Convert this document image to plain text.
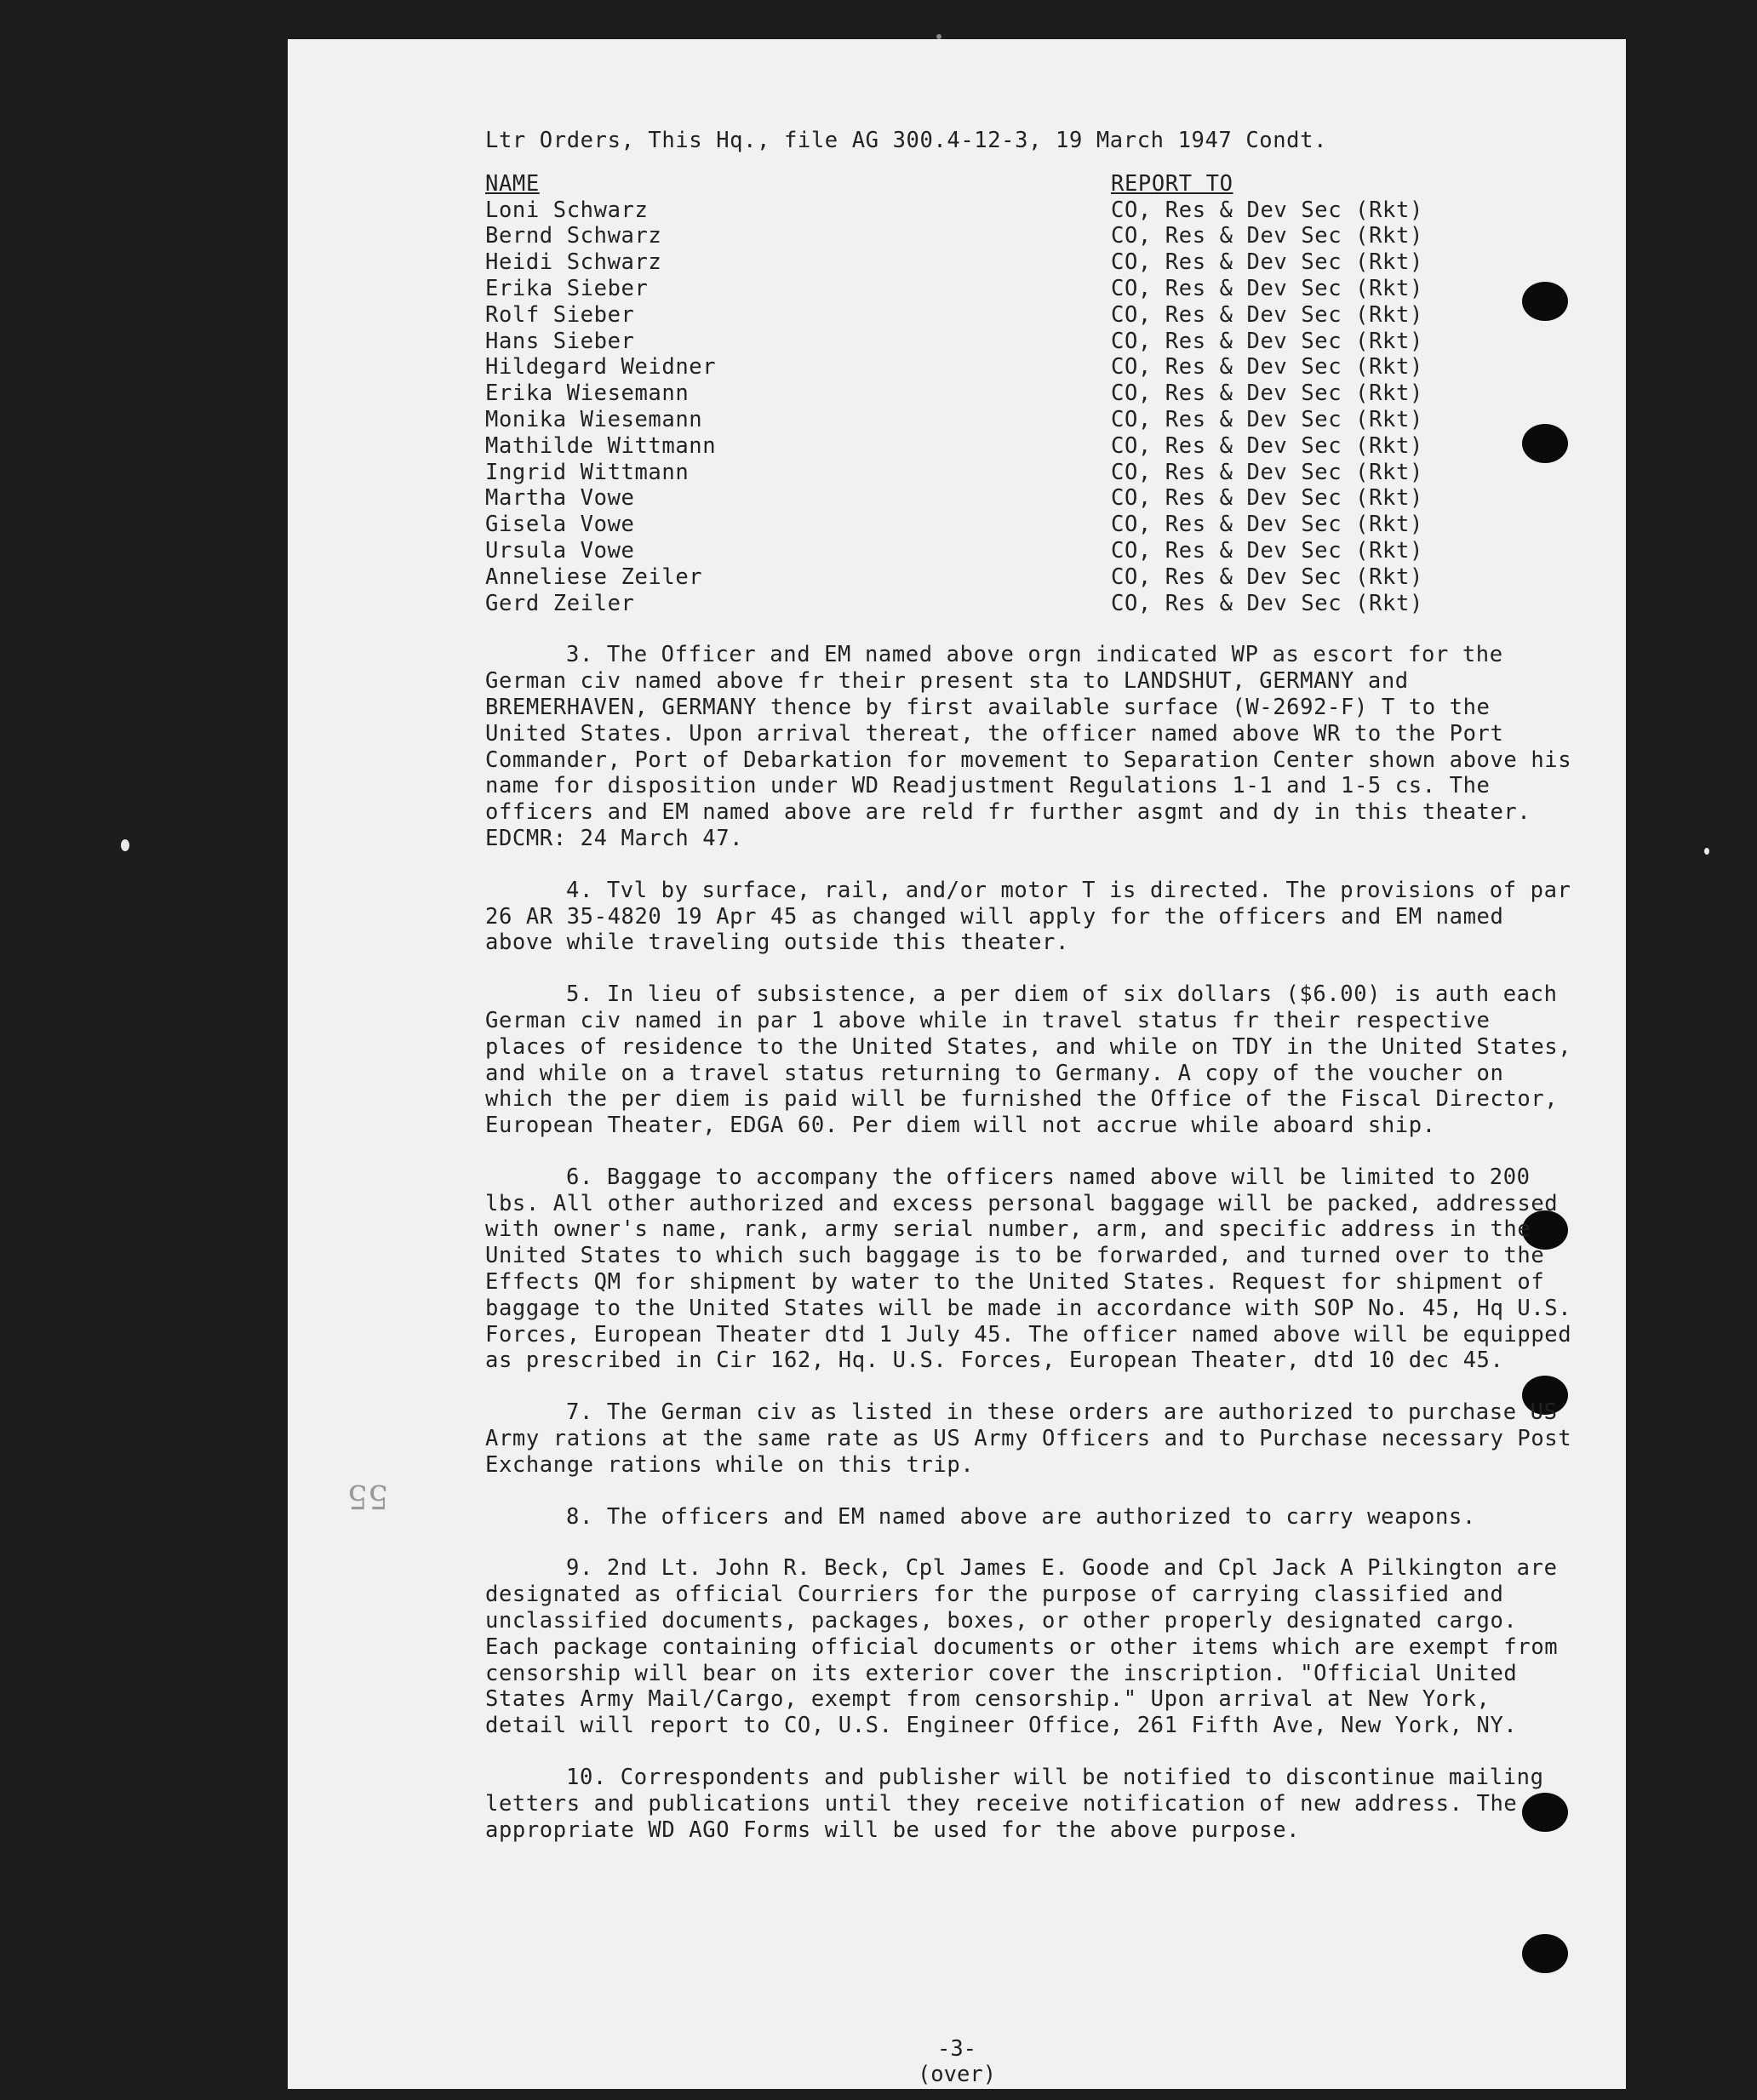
55
Ltr Orders, This Hq., file AG 300.4-12-3, 19 March 1947 Condt.
NAME	REPORT TO
Loni Schwarz	CO, Res & Dev Sec (Rkt)
Bernd Schwarz	CO, Res & Dev Sec (Rkt)
Heidi Schwarz	CO, Res & Dev Sec (Rkt)
Erika Sieber	CO, Res & Dev Sec (Rkt)
Rolf Sieber	CO, Res & Dev Sec (Rkt)
Hans Sieber	CO, Res & Dev Sec (Rkt)
Hildegard Weidner	CO, Res & Dev Sec (Rkt)
Erika Wiesemann	CO, Res & Dev Sec (Rkt)
Monika Wiesemann	CO, Res & Dev Sec (Rkt)
Mathilde Wittmann	CO, Res & Dev Sec (Rkt)
Ingrid Wittmann	CO, Res & Dev Sec (Rkt)
Martha Vowe	CO, Res & Dev Sec (Rkt)
Gisela Vowe	CO, Res & Dev Sec (Rkt)
Ursula Vowe	CO, Res & Dev Sec (Rkt)
Anneliese Zeiler	CO, Res & Dev Sec (Rkt)
Gerd Zeiler	CO, Res & Dev Sec (Rkt)
3. The Officer and EM named above orgn indicated WP as escort for the German civ named above fr their present sta to LANDSHUT, GERMANY and BREMERHAVEN, GERMANY thence by first available surface (W-2692-F) T to the United States. Upon arrival thereat, the officer named above WR to the Port Commander, Port of Debarkation for movement to Separation Center shown above his name for disposition under WD Readjustment Regulations 1-1 and 1-5 cs. The officers and EM named above are reld fr further asgmt and dy in this theater. EDCMR: 24 March 47.
4. Tvl by surface, rail, and/or motor T is directed. The provisions of par 26 AR 35-4820 19 Apr 45 as changed will apply for the officers and EM named above while traveling outside this theater.
5. In lieu of subsistence, a per diem of six dollars ($6.00) is auth each German civ named in par 1 above while in travel status fr their respective places of residence to the United States, and while on TDY in the United States, and while on a travel status returning to Germany. A copy of the voucher on which the per diem is paid will be furnished the Office of the Fiscal Director, European Theater, EDGA 60. Per diem will not accrue while aboard ship.
6. Baggage to accompany the officers named above will be limited to 200 lbs. All other authorized and excess personal baggage will be packed, addressed with owner's name, rank, army serial number, arm, and specific address in the United States to which such baggage is to be forwarded, and turned over to the Effects QM for shipment by water to the United States. Request for shipment of baggage to the United States will be made in accordance with SOP No. 45, Hq U.S. Forces, European Theater dtd 1 July 45. The officer named above will be equipped as prescribed in Cir 162, Hq. U.S. Forces, European Theater, dtd 10 dec 45.
7. The German civ as listed in these orders are authorized to purchase US Army rations at the same rate as US Army Officers and to Purchase necessary Post Exchange rations while on this trip.
8. The officers and EM named above are authorized to carry weapons.
9. 2nd Lt. John R. Beck, Cpl James E. Goode and Cpl Jack A Pilkington are designated as official Courriers for the purpose of carrying classified and unclassified documents, packages, boxes, or other properly designated cargo. Each package containing official documents or other items which are exempt from censorship will bear on its exterior cover the inscription. "Official United States Army Mail/Cargo, exempt from censorship." Upon arrival at New York, detail will report to CO, U.S. Engineer Office, 261 Fifth Ave, New York, NY.
10. Correspondents and publisher will be notified to discontinue mailing letters and publications until they receive notification of new address. The appropriate WD AGO Forms will be used for the above purpose.
-3-
(over)
